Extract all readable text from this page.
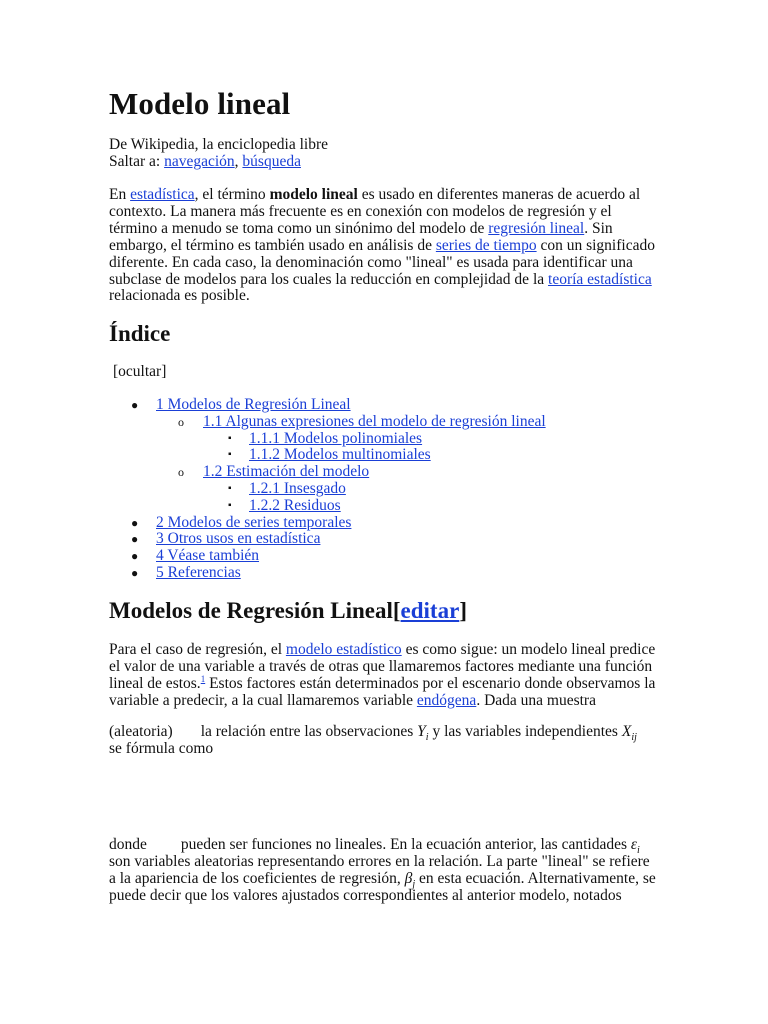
Modelo lineal
De Wikipedia, la enciclopedia libre
Saltar a: navegación, búsqueda
En estadística, el término modelo lineal es usado en diferentes maneras de acuerdo al
contexto. La manera más frecuente es en conexión con modelos de regresión y el
término a menudo se toma como un sinónimo del modelo de regresión lineal. Sin
embargo, el término es también usado en análisis de series de tiempo con un significado
diferente. En cada caso, la denominación como "lineal" es usada para identificar una
subclase de modelos para los cuales la reducción en complejidad de la teoría estadística
relacionada es posible.
Índice
[ocultar]
● 1 Modelos de Regresión Lineal
o 1.1 Algunas expresiones del modelo de regresión lineal
▪ 1.1.1 Modelos polinomiales
▪ 1.1.2 Modelos multinomiales
o 1.2 Estimación del modelo
▪ 1.2.1 Insesgado
▪ 1.2.2 Residuos
● 2 Modelos de series temporales
● 3 Otros usos en estadística
● 4 Véase también
● 5 Referencias
Modelos de Regresión Lineal[editar]
Para el caso de regresión, el modelo estadístico es como sigue: un modelo lineal predice
el valor de una variable a través de otras que llamaremos factores mediante una función
lineal de estos.$^1$ Estos factores están determinados por el escenario donde observamos la
variable a predecir, a la cual llamaremos variable endógena. Dada una muestra
(aleatoria) la relación entre las observaciones $Y_i$ y las variables independientes $X_{ij}$
se fórmula como
donde pueden ser funciones no lineales. En la ecuación anterior, las cantidades $\varepsilon_i$
son variables aleatorias representando errores en la relación. La parte "lineal" se refiere
a la apariencia de los coeficientes de regresión, $\beta_j$ en esta ecuación. Alternativamente, se
puede decir que los valores ajustados correspondientes al anterior modelo, notados
